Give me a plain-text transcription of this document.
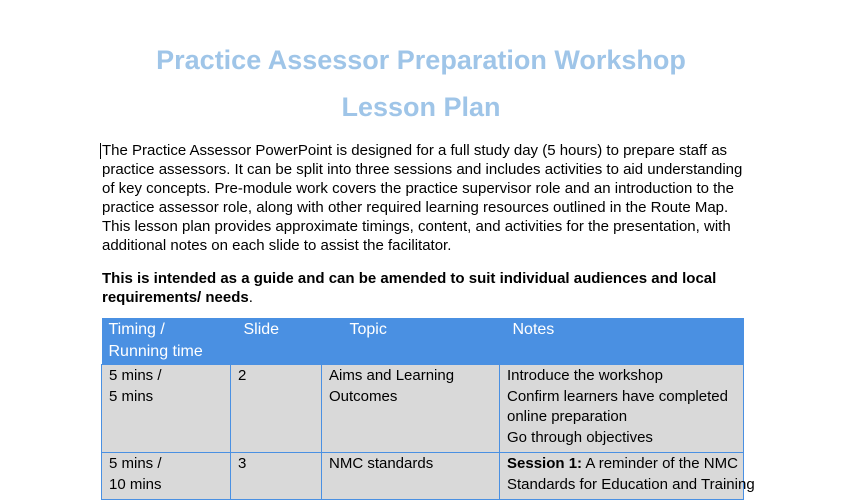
Practice Assessor Preparation Workshop
Lesson Plan

The Practice Assessor PowerPoint is designed for a full study day (5 hours) to prepare staff as practice assessors. It can be split into three sessions and includes activities to aid understanding of key concepts. Pre-module work covers the practice supervisor role and an introduction to the practice assessor role, along with other required learning resources outlined in the Route Map. This lesson plan provides approximate timings, content, and activities for the presentation, with additional notes on each slide to assist the facilitator.

This is intended as a guide and can be amended to suit individual audiences and local requirements/ needs.

Timing /
Running time	Slide	Topic	Notes

5 mins /
5 mins	2	Aims and Learning
Outcomes	Introduce the workshop
Confirm learners have completed
online preparation
Go through objectives

5 mins /
10 mins	3	NMC standards	Session 1: A reminder of the NMC
Standards for Education and Training
